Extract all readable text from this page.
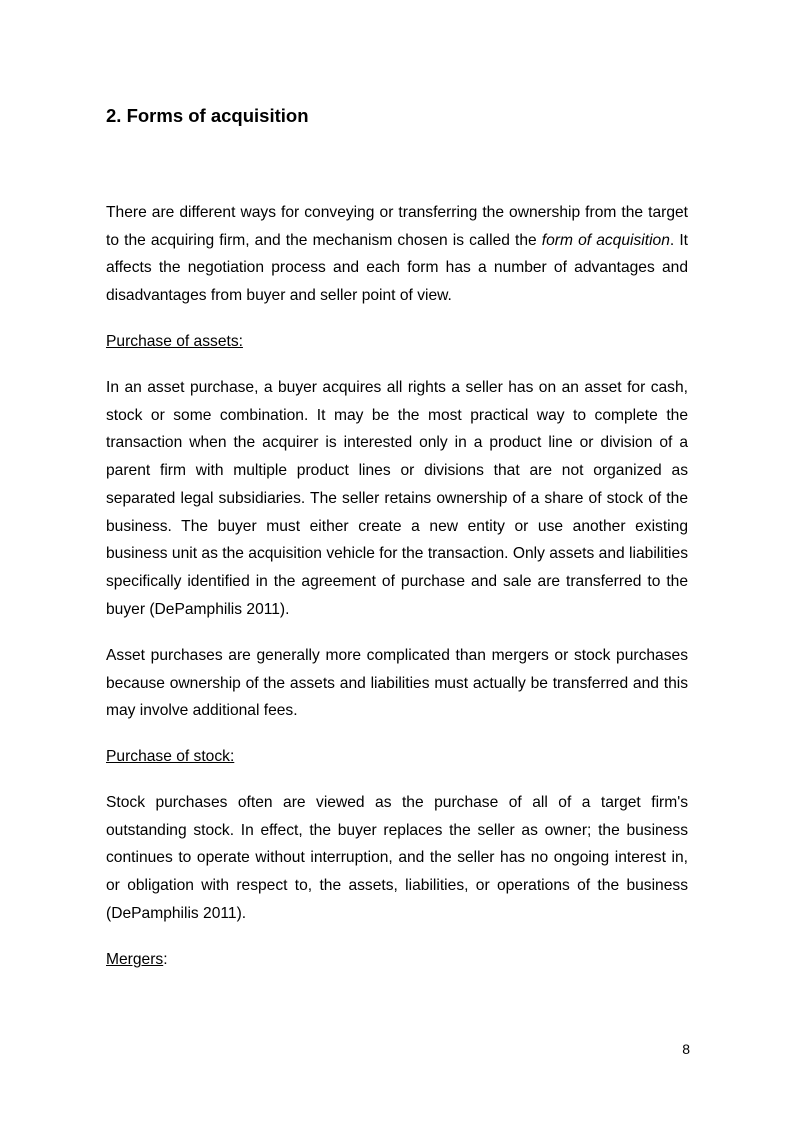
2. Forms of acquisition

There are different ways for conveying or transferring the ownership from the target to the acquiring firm, and the mechanism chosen is called the form of acquisition. It affects the negotiation process and each form has a number of advantages and disadvantages from buyer and seller point of view.

Purchase of assets:

In an asset purchase, a buyer acquires all rights a seller has on an asset for cash, stock or some combination. It may be the most practical way to complete the transaction when the acquirer is interested only in a product line or division of a parent firm with multiple product lines or divisions that are not organized as separated legal subsidiaries. The seller retains ownership of a share of stock of the business. The buyer must either create a new entity or use another existing business unit as the acquisition vehicle for the transaction. Only assets and liabilities specifically identified in the agreement of purchase and sale are transferred to the buyer (DePamphilis 2011).

Asset purchases are generally more complicated than mergers or stock purchases because ownership of the assets and liabilities must actually be transferred and this may involve additional fees.

Purchase of stock:

Stock purchases often are viewed as the purchase of all of a target firm's outstanding stock. In effect, the buyer replaces the seller as owner; the business continues to operate without interruption, and the seller has no ongoing interest in, or obligation with respect to, the assets, liabilities, or operations of the business (DePamphilis 2011).

Mergers:

8
